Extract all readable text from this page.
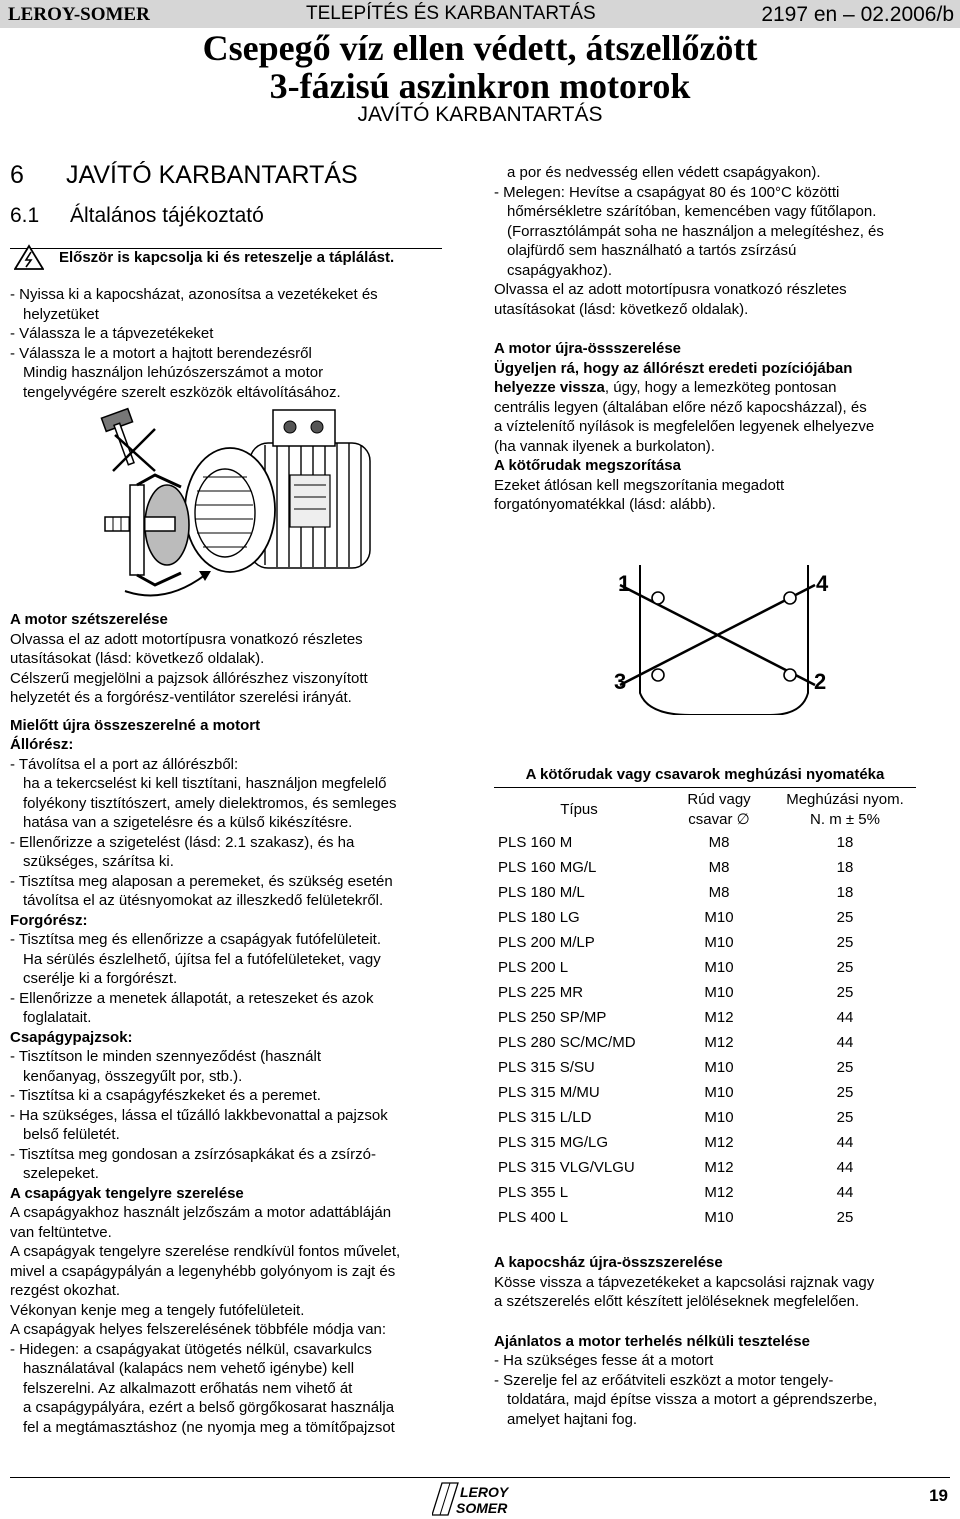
LEROY-SOMER	TELEPÍTÉS ÉS KARBANTARTÁS	2197 en – 02.2006/b
Csepegő víz ellen védett, átszellőzött
3-fázisú aszinkron motorok
JAVÍTÓ KARBANTARTÁS
6 JAVÍTÓ KARBANTARTÁS
6.1 Általános tájékoztató
Először is kapcsolja ki és reteszelje a táplálást.

- Nyissa ki a kapocsházat, azonosítsa a vezetékeket és

helyzetüket

- Válassza le a tápvezetékeket

- Válassza le a motort a hajtott berendezésről

Mindig használjon lehúzószerszámot a motor

tengelyvégére szerelt eszközök eltávolításához.

A motor szétszerelése

Olvassa el az adott motortípusra vonatkozó részletes

utasításokat (lásd: következő oldalak).

Célszerű megjelölni a pajzsok állórészhez viszonyított

helyzetét és a forgórész-ventilátor szerelési irányát.

Mielőtt újra összeszerelné a motort

Állórész:

- Távolítsa el a port az állórészből:

ha a tekercselést ki kell tisztítani, használjon megfelelő

folyékony tisztítószert, amely dielektromos, és semleges

hatása van a szigetelésre és a külső kikészítésre.

- Ellenőrizze a szigetelést (lásd: 2.1 szakasz), és ha

szükséges, szárítsa ki.

- Tisztítsa meg alaposan a peremeket, és szükség esetén

távolítsa el az ütésnyomokat az illeszkedő felületekről.

Forgórész:

- Tisztítsa meg és ellenőrizze a csapágyak futófelületeit.

Ha sérülés észlelhető, újítsa fel a futófelületeket, vagy

cserélje ki a forgórészt.

- Ellenőrizze a menetek állapotát, a reteszeket és azok

foglalatait.

Csapágypajzsok:

- Tisztítson le minden szennyeződést (használt

kenőanyag, összegyűlt por, stb.).

- Tisztítsa ki a csapágyfészkeket és a peremet.

- Ha szükséges, lássa el tűzálló lakkbevonattal a pajzsok

belső felületét.

- Tisztítsa meg gondosan a zsírzósapkákat és a zsírzó-

szelepeket.

A csapágyak tengelyre szerelése

A csapágyakhoz használt jelzőszám a motor adattábláján

van feltüntetve.

A csapágyak tengelyre szerelése rendkívül fontos művelet,

mivel a csapágypályán a legenyhébb golyónyom is zajt és

rezgést okozhat.

Vékonyan kenje meg a tengely futófelületeit.

A csapágyak helyes felszerelésének többféle módja van:

- Hidegen: a csapágyakat ütögetés nélkül, csavarkulcs

használatával (kalapács nem vehető igénybe) kell

felszerelni. Az alkalmazott erőhatás nem vihető át

a csapágypályára, ezért a belső görgőkosarat használja

fel a megtámasztáshoz (ne nyomja meg a tömítőpajzsot

a por és nedvesség ellen védett csapágyakon).

- Melegen: Hevítse a csapágyat 80 és 100°C közötti

hőmérsékletre szárítóban, kemencében vagy fűtőlapon.

(Forrasztólámpát soha ne használjon a melegítéshez, és

olajfürdő sem használható a tartós zsírzású

csapágyakhoz).

Olvassa el az adott motortípusra vonatkozó részletes

utasításokat (lásd: következő oldalak).

A motor újra-össszerelése

Ügyeljen rá, hogy az állórészt eredeti pozíciójában

helyezze vissza, úgy, hogy a lemezköteg pontosan

centrális legyen (általában előre néző kapocsházzal), és

a víztelenítő nyílások is megfelelően legyenek elhelyezve

(ha vannak ilyenek a burkolaton).

A kötőrudak megszorítása

Ezeket átlósan kell megszorítania megadott

forgatónyomatékkal (lásd: alább).

1	4
3	2
A kötőrudak vagy csavarok meghúzási nyomatéka
Típus	Rúd vagy
csavar ∅	Meghúzási nyom.
N. m ± 5%
PLS 160 M	M8	18
PLS 160 MG/L	M8	18
PLS 180 M/L	M8	18
PLS 180 LG	M10	25
PLS 200 M/LP	M10	25
PLS 200 L	M10	25
PLS 225 MR	M10	25
PLS 250 SP/MP	M12	44
PLS 280 SC/MC/MD	M12	44
PLS 315 S/SU	M10	25
PLS 315 M/MU	M10	25
PLS 315 L/LD	M10	25
PLS 315 MG/LG	M12	44
PLS 315 VLG/VLGU	M12	44
PLS 355 L	M12	44
PLS 400 L	M10	25

A kapocsház újra-összszerelése

Kösse vissza a tápvezetékeket a kapcsolási rajznak vagy

a szétszerelés előtt készített jelöléseknek megfelelően.

Ajánlatos a motor terhelés nélküli tesztelése

- Ha szükséges fesse át a motort

- Szerelje fel az erőátviteli eszközt a motor tengely-

toldatára, majd építse vissza a motort a géprendszerbe,

amelyet hajtani fog.

LEROY
SOMER
19
